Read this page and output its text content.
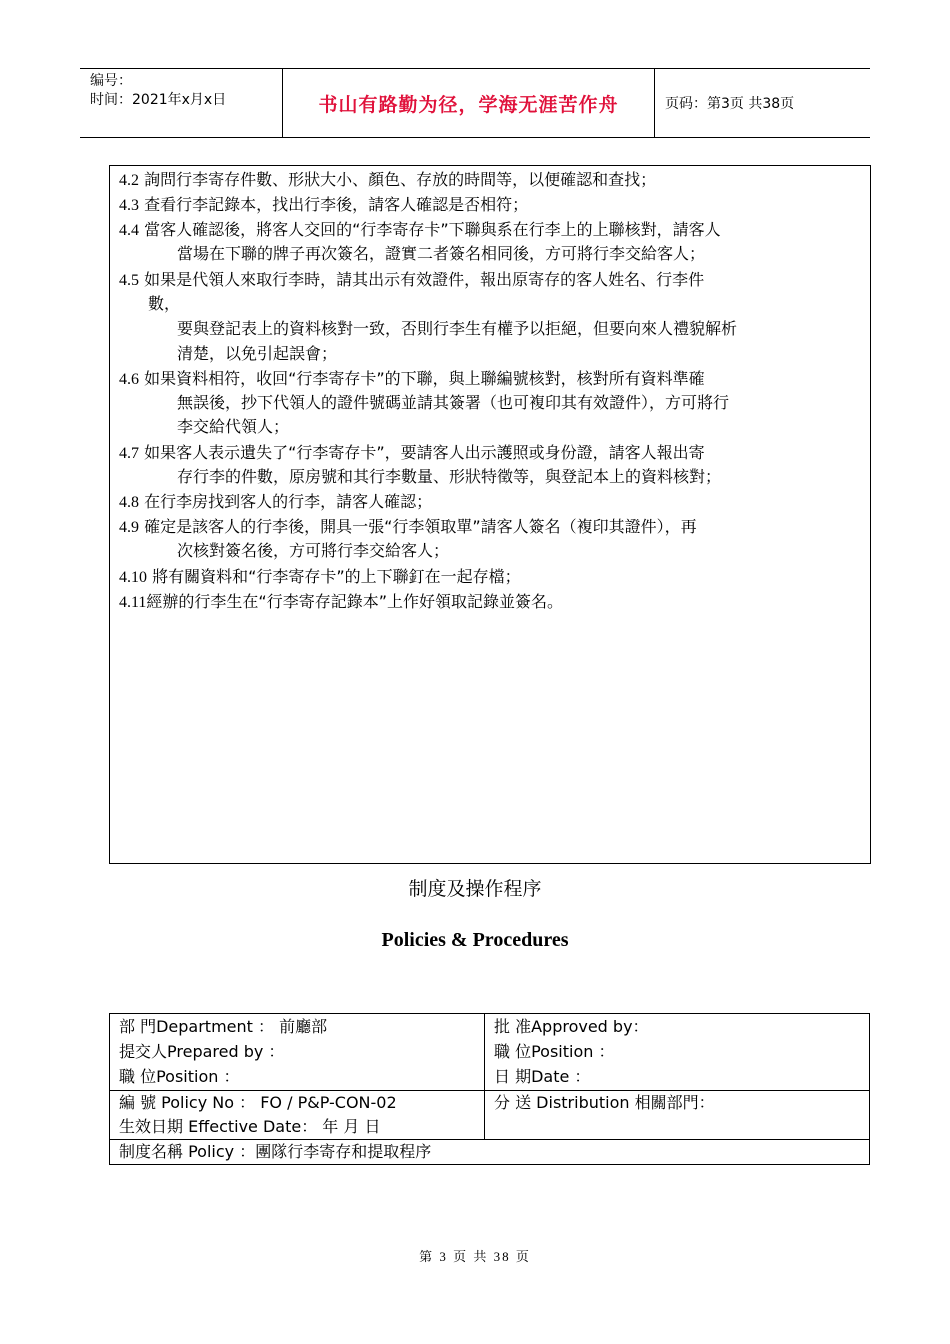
编号：
时间：2021年x月x日	书山有路勤为径，学海无涯苦作舟	页码：第3页 共38页
4.2 詢問行李寄存件數、形狀大小、顏色、存放的時間等，以便確認和查找；
4.3 查看行李記錄本，找出行李後，請客人確認是否相符；
4.4 當客人確認後，將客人交回的“行李寄存卡”下聯與系在行李上的上聯核對，請客人
當場在下聯的牌子再次簽名，證實二者簽名相同後，方可將行李交給客人；
4.5 如果是代領人來取行李時，請其出示有效證件，報出原寄存的客人姓名、行李件
數，
要與登記表上的資料核對一致，否則行李生有權予以拒絕，但要向來人禮貌解析
清楚，以免引起誤會；
4.6 如果資料相符，收回“行李寄存卡”的下聯，與上聯編號核對，核對所有資料準確
無誤後，抄下代領人的證件號碼並請其簽署（也可複印其有效證件），方可將行
李交給代領人；
4.7 如果客人表示遺失了“行李寄存卡”，要請客人出示護照或身份證，請客人報出寄
存行李的件數，原房號和其行李數量、形狀特徵等，與登記本上的資料核對；
4.8 在行李房找到客人的行李，請客人確認；
4.9 確定是該客人的行李後，開具一張“行李領取單”請客人簽名（複印其證件），再
次核對簽名後，方可將行李交給客人；
4.10 將有關資料和“行李寄存卡”的上下聯釘在一起存檔；
4.11經辦的行李生在“行李寄存記錄本”上作好領取記錄並簽名。
制度及操作程序
Policies & Procedures
部 門Department ： 前廳部
提交人Prepared by ：
職 位Position ：
批 准Approved by：
職 位Position ：
日 期Date ：
編 號 Policy No ： FO / P&P-CON-02
生效日期 Effective Date： 年 月 日
分 送 Distribution 相關部門：
制度名稱 Policy ：團隊行李寄存和提取程序
第 3 页 共 38 页
